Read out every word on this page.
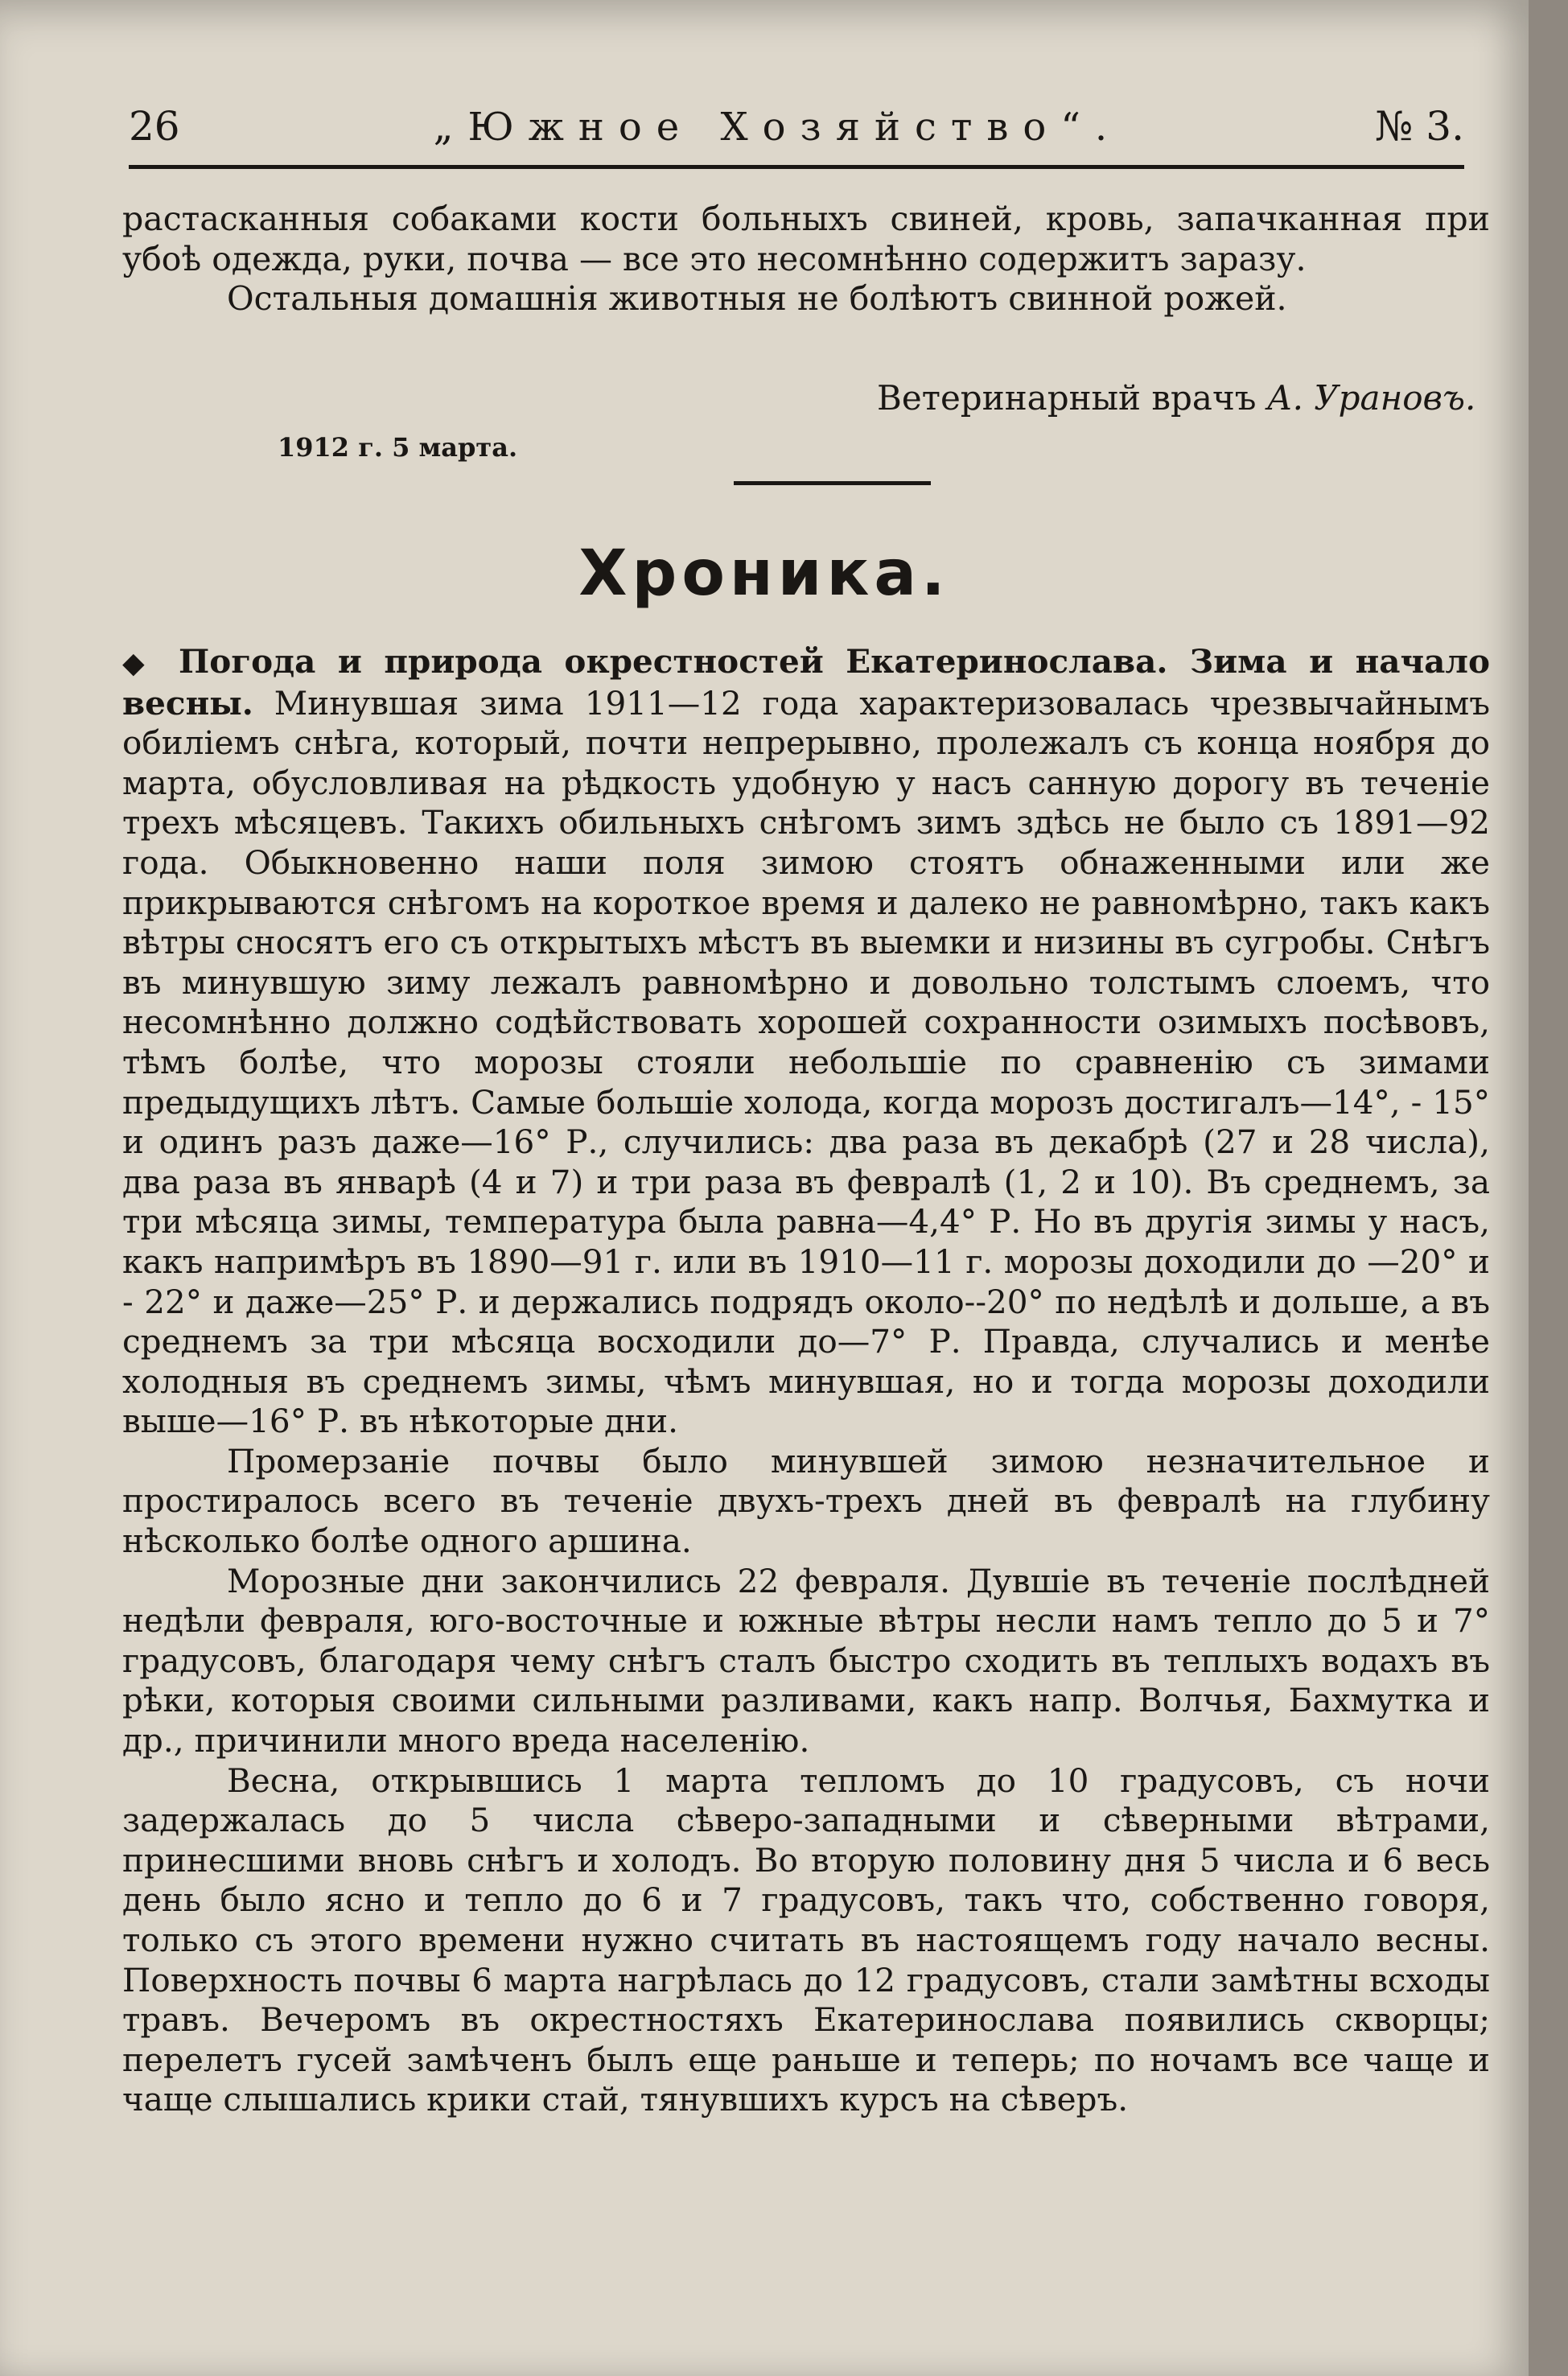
26	„Южное Хозяйство“.	№ 3.

растасканныя собаками кости больныхъ свиней, кровь, запачканная при убоѣ одежда, руки, почва — все это несомнѣнно содержитъ заразу.

Остальныя домашнія животныя не болѣютъ свинной рожей.

Ветеринарный врачъ А. Урановъ.
1912 г. 5 марта.
Хроника.

◆ Погода и природа окрестностей Екатеринослава. Зима и начало весны. Минувшая зима 1911—12 года характеризовалась чрезвычайнымъ обиліемъ снѣга, который, почти непрерывно, пролежалъ съ конца ноября до марта, обусловливая на рѣдкость удобную у насъ санную дорогу въ теченіе трехъ мѣсяцевъ. Такихъ обильныхъ снѣгомъ зимъ здѣсь не было съ 1891—92 года. Обыкновенно наши поля зимою стоятъ обнаженными или же прикрываются снѣгомъ на короткое время и далеко не равномѣрно, такъ какъ вѣтры сносятъ его съ открытыхъ мѣстъ въ выемки и низины въ сугробы. Снѣгъ въ минувшую зиму лежалъ равномѣрно и довольно толстымъ слоемъ, что несомнѣнно должно содѣйствовать хорошей сохранности озимыхъ посѣвовъ, тѣмъ болѣе, что морозы стояли небольшіе по сравненію съ зимами предыдущихъ лѣтъ. Самые большіе холода, когда морозъ достигалъ—14°, - 15° и одинъ разъ даже—16° Р., случились: два раза въ декабрѣ (27 и 28 числа), два раза въ январѣ (4 и 7) и три раза въ февралѣ (1, 2 и 10). Въ среднемъ, за три мѣсяца зимы, температура была равна—4,4° Р. Но въ другія зимы у насъ, какъ напримѣръ въ 1890—91 г. или въ 1910—11 г. морозы доходили до —20° и - 22° и даже—25° Р. и держались подрядъ около--20° по недѣлѣ и дольше, а въ среднемъ за три мѣсяца восходили до—7° Р. Правда, случались и менѣе холодныя въ среднемъ зимы, чѣмъ минувшая, но и тогда морозы доходили выше—16° Р. въ нѣкоторые дни.

Промерзаніе почвы было минувшей зимою незначительное и простиралось всего въ теченіе двухъ-трехъ дней въ февралѣ на глубину нѣсколько болѣе одного аршина.

Морозные дни закончились 22 февраля. Дувшіе въ теченіе послѣдней недѣли февраля, юго-восточные и южные вѣтры несли намъ тепло до 5 и 7° градусовъ, благодаря чему снѣгъ сталъ быстро сходить въ теплыхъ водахъ въ рѣки, которыя своими сильными разливами, какъ напр. Волчья, Бахмутка и др., причинили много вреда населенію.

Весна, открывшись 1 марта тепломъ до 10 градусовъ, съ ночи задержалась до 5 числа сѣверо-западными и сѣверными вѣтрами, принесшими вновь снѣгъ и холодъ. Во вторую половину дня 5 числа и 6 весь день было ясно и тепло до 6 и 7 градусовъ, такъ что, собственно говоря, только съ этого времени нужно считать въ настоящемъ году начало весны. Поверхность почвы 6 марта нагрѣлась до 12 градусовъ, стали замѣтны всходы травъ. Вечеромъ въ окрестностяхъ Екатеринослава появились скворцы; перелетъ гусей замѣченъ былъ еще раньше и теперь; по ночамъ все чаще и чаще слышались крики стай, тянувшихъ курсъ на сѣверъ.
